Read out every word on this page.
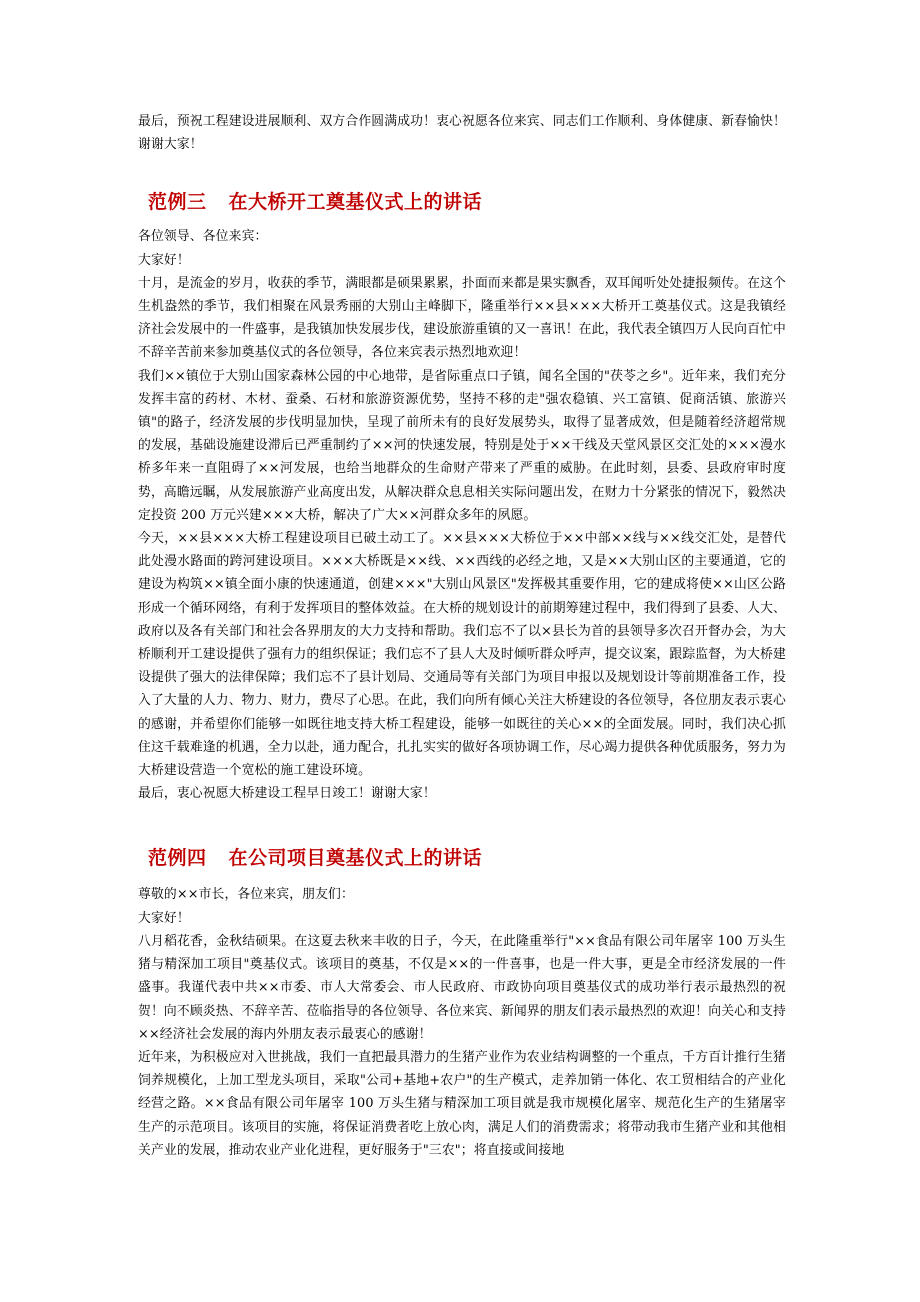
最后，预祝工程建设进展顺利、双方合作圆满成功！衷心祝愿各位来宾、同志们工作顺利、身体健康、新春愉快！谢谢大家！

范例三 在大桥开工奠基仪式上的讲话

各位领导、各位来宾：

大家好！

十月，是流金的岁月，收获的季节，满眼都是硕果累累，扑面而来都是果实飘香，双耳闻听处处捷报频传。在这个生机盎然的季节，我们相聚在风景秀丽的大别山主峰脚下，隆重举行××县×××大桥开工奠基仪式。这是我镇经济社会发展中的一件盛事，是我镇加快发展步伐，建设旅游重镇的又一喜讯！在此，我代表全镇四万人民向百忙中不辞辛苦前来参加奠基仪式的各位领导，各位来宾表示热烈地欢迎！

我们××镇位于大别山国家森林公园的中心地带，是省际重点口子镇，闻名全国的"茯苓之乡"。近年来，我们充分发挥丰富的药材、木材、蚕桑、石材和旅游资源优势，坚持不移的走"强农稳镇、兴工富镇、促商活镇、旅游兴镇"的路子，经济发展的步伐明显加快，呈现了前所未有的良好发展势头，取得了显著成效，但是随着经济超常规的发展，基础设施建设滞后已严重制约了××河的快速发展，特别是处于××干线及天堂风景区交汇处的×××漫水桥多年来一直阻碍了××河发展，也给当地群众的生命财产带来了严重的威胁。在此时刻，县委、县政府审时度势，高瞻远瞩，从发展旅游产业高度出发，从解决群众息息相关实际问题出发，在财力十分紧张的情况下，毅然决定投资 200 万元兴建×××大桥，解决了广大××河群众多年的夙愿。

今天，××县×××大桥工程建设项目已破土动工了。××县×××大桥位于××中部××线与××线交汇处，是替代此处漫水路面的跨河建设项目。×××大桥既是××线、××西线的必经之地，又是××大别山区的主要通道，它的建设为构筑××镇全面小康的快速通道，创建×××"大别山风景区"发挥极其重要作用，它的建成将使××山区公路形成一个循环网络，有利于发挥项目的整体效益。在大桥的规划设计的前期筹建过程中，我们得到了县委、人大、政府以及各有关部门和社会各界朋友的大力支持和帮助。我们忘不了以×县长为首的县领导多次召开督办会，为大桥顺利开工建设提供了强有力的组织保证；我们忘不了县人大及时倾听群众呼声，提交议案，跟踪监督，为大桥建设提供了强大的法律保障；我们忘不了县计划局、交通局等有关部门为项目申报以及规划设计等前期准备工作，投入了大量的人力、物力、财力，费尽了心思。在此，我们向所有倾心关注大桥建设的各位领导，各位朋友表示衷心的感谢，并希望你们能够一如既往地支持大桥工程建设，能够一如既往的关心××的全面发展。同时，我们决心抓住这千载难逢的机遇，全力以赴，通力配合，扎扎实实的做好各项协调工作，尽心竭力提供各种优质服务，努力为大桥建设营造一个宽松的施工建设环境。

最后，衷心祝愿大桥建设工程早日竣工！谢谢大家！

范例四 在公司项目奠基仪式上的讲话

尊敬的××市长，各位来宾，朋友们：

大家好！

八月稻花香，金秋结硕果。在这夏去秋来丰收的日子，今天，在此隆重举行"××食品有限公司年屠宰 100 万头生猪与精深加工项目"奠基仪式。该项目的奠基，不仅是××的一件喜事，也是一件大事，更是全市经济发展的一件盛事。我谨代表中共××市委、市人大常委会、市人民政府、市政协向项目奠基仪式的成功举行表示最热烈的祝贺！向不顾炎热、不辞辛苦、莅临指导的各位领导、各位来宾、新闻界的朋友们表示最热烈的欢迎！向关心和支持××经济社会发展的海内外朋友表示最衷心的感谢！

近年来，为积极应对入世挑战，我们一直把最具潜力的生猪产业作为农业结构调整的一个重点，千方百计推行生猪饲养规模化，上加工型龙头项目，采取"公司+基地+农户"的生产模式，走养加销一体化、农工贸相结合的产业化经营之路。××食品有限公司年屠宰 100 万头生猪与精深加工项目就是我市规模化屠宰、规范化生产的生猪屠宰生产的示范项目。该项目的实施，将保证消费者吃上放心肉，满足人们的消费需求；将带动我市生猪产业和其他相关产业的发展，推动农业产业化进程，更好服务于"三农"；将直接或间接地
